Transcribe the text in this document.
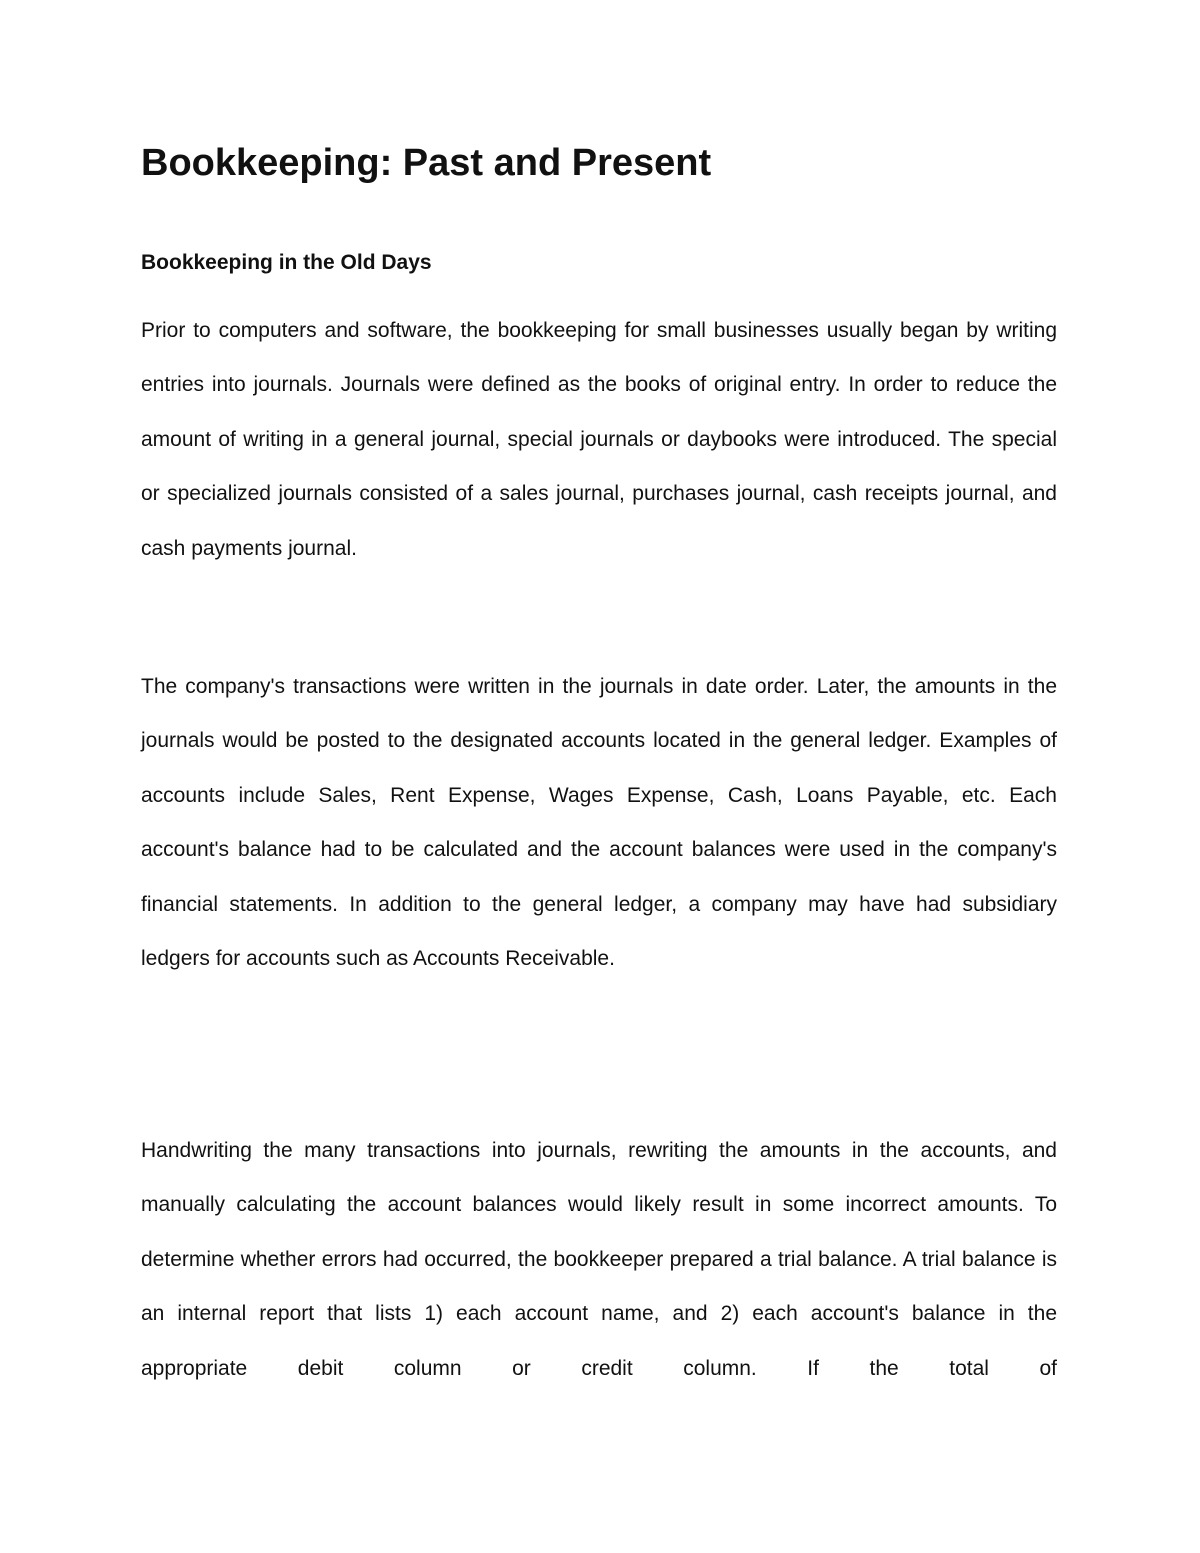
Bookkeeping: Past and Present
Bookkeeping in the Old Days

Prior to computers and software, the bookkeeping for small businesses usually began by writing entries into journals. Journals were defined as the books of original entry. In order to reduce the amount of writing in a general journal, special journals or daybooks were introduced. The special or specialized journals consisted of a sales journal, purchases journal, cash receipts journal, and cash payments journal.

The company's transactions were written in the journals in date order. Later, the amounts in the journals would be posted to the designated accounts located in the general ledger. Examples of accounts include Sales, Rent Expense, Wages Expense, Cash, Loans Payable, etc. Each account's balance had to be calculated and the account balances were used in the company's financial statements. In addition to the general ledger, a company may have had subsidiary ledgers for accounts such as Accounts Receivable.

Handwriting the many transactions into journals, rewriting the amounts in the accounts, and manually calculating the account balances would likely result in some incorrect amounts. To determine whether errors had occurred, the bookkeeper prepared a trial balance. A trial balance is an internal report that lists 1) each account name, and 2) each account's balance in the appropriate debit column or credit column. If the total of
